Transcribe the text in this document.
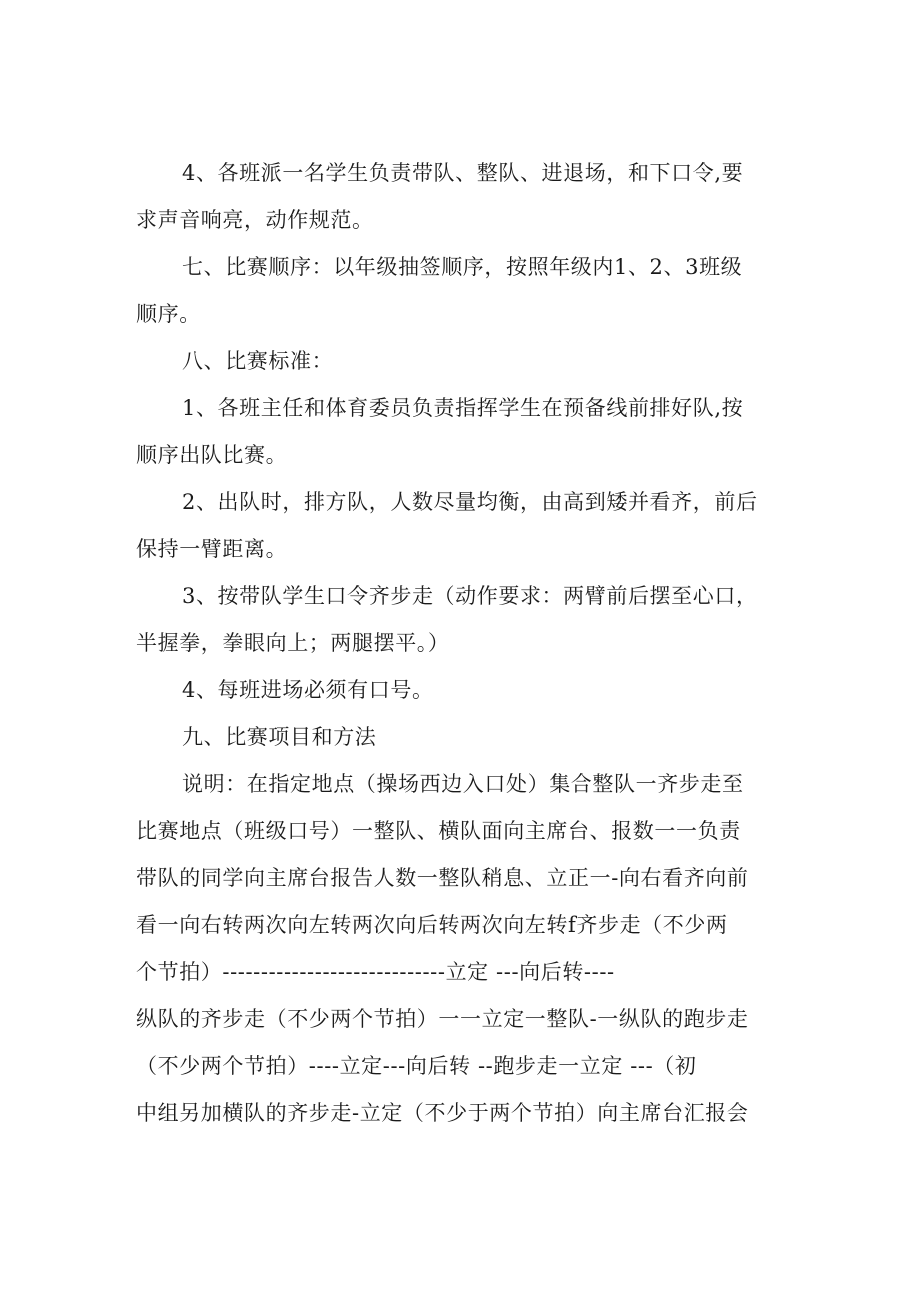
4、各班派一名学生负责带队、整队、进退场，和下口令,要
求声音响亮，动作规范。
七、比赛顺序：以年级抽签顺序，按照年级内1、2、3班级
顺序。
八、比赛标准：
1、各班主任和体育委员负责指挥学生在预备线前排好队,按
顺序出队比赛。
2、出队时，排方队，人数尽量均衡，由高到矮并看齐，前后
保持一臂距离。
3、按带队学生口令齐步走（动作要求：两臂前后摆至心口，
半握拳，拳眼向上；两腿摆平。）
4、每班进场必须有口号。
九、比赛项目和方法
说明：在指定地点（操场西边入口处）集合整队一齐步走至
比赛地点（班级口号）一整队、横队面向主席台、报数一一负责
带队的同学向主席台报告人数一整队稍息、立正一-向右看齐向前
看一向右转两次向左转两次向后转两次向左转f齐步走（不少两
个节拍）-----------------------------立定 ---向后转----
纵队的齐步走（不少两个节拍）一一立定一整队-一纵队的跑步走
（不少两个节拍）----立定---向后转 --跑步走一立定 ---（初
中组另加横队的齐步走-立定（不少于两个节拍）向主席台汇报会
